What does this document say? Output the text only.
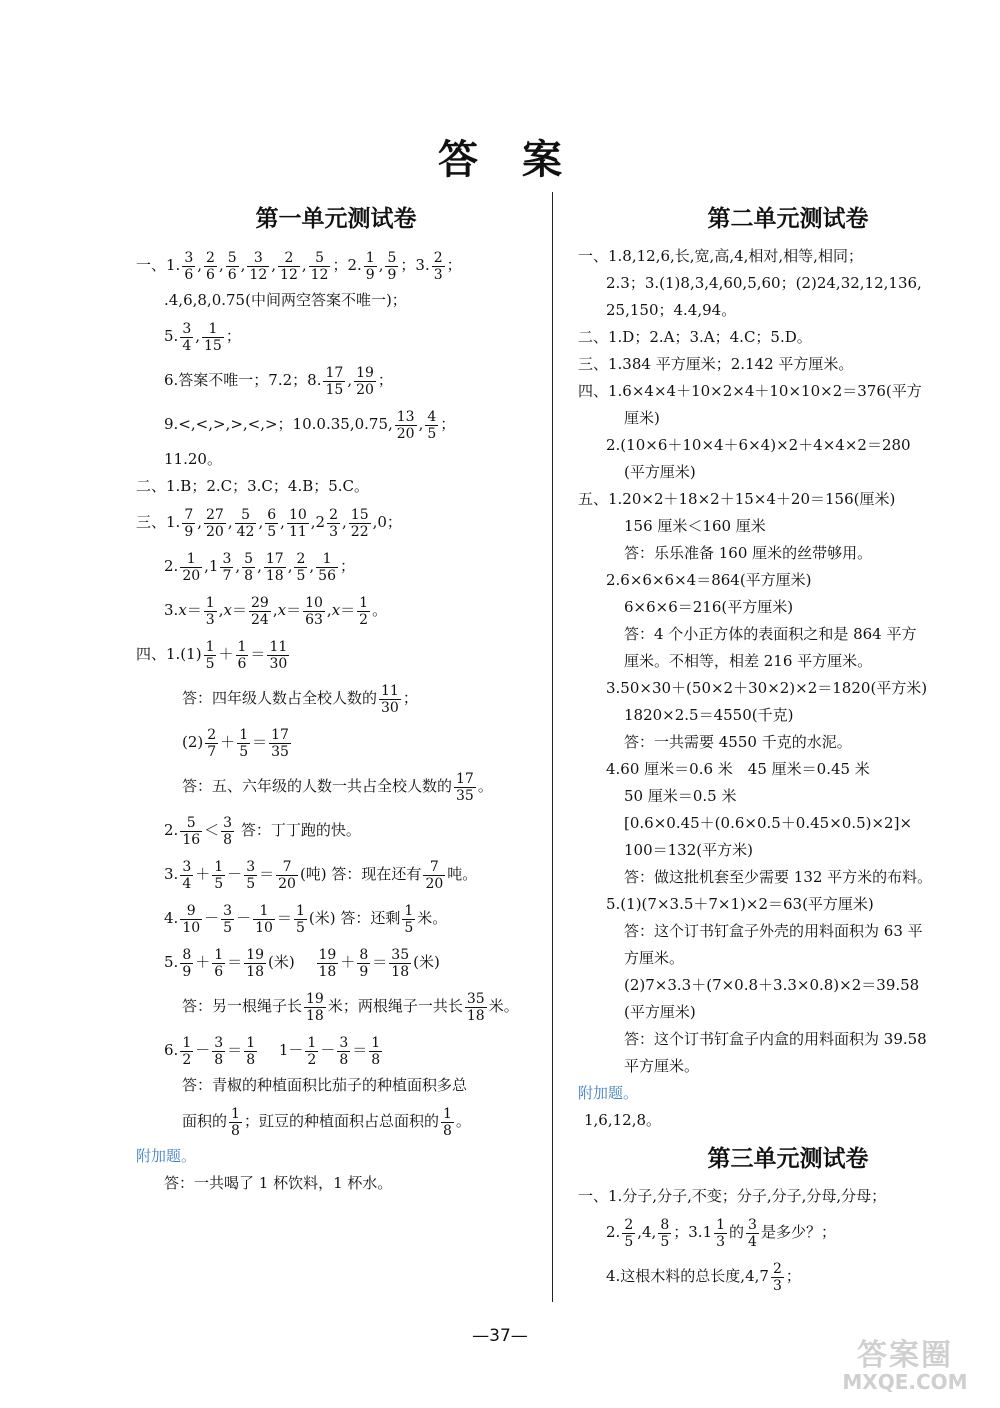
答案
第一单元测试卷
一、1. $\frac{3}{6}$ , $\frac{2}{6}$ , $\frac{5}{6}$ , $\frac{3}{12}$ , $\frac{2}{12}$ , $\frac{5}{12}$ ；2. $\frac{1}{9}$ , $\frac{5}{9}$ ；3. $\frac{2}{3}$ ；
.4,6,8,0.75(中间两空答案不唯一)；
5. $\frac{3}{4}$ , $\frac{1}{15}$ ；
6.答案不唯一；7.2；8. $\frac{17}{15}$ , $\frac{19}{20}$ ；
9.<,<,>,>,<,>；10.0.35,0.75, $\frac{13}{20}$ , $\frac{4}{5}$ ；
11.20。
二、1.B；2.C；3.C；4.B；5.C。
三、1. $\frac{7}{9}$ , $\frac{27}{20}$ , $\frac{5}{42}$ , $\frac{6}{5}$ , $\frac{10}{11} ,2 \frac{2}{3}$ , $\frac{15}{22} ,0$；
2. $\frac{1}{20} ,1 \frac{3}{7}$ , $\frac{5}{8}$ , $\frac{17}{18}$ , $\frac{2}{5}$ , $\frac{1}{56}$ ；
$3.x= \frac{1}{3} ,x= \frac{29}{24} ,x= \frac{10}{63} ,x= \frac{1}{2}$ 。
四、$1.(1) \frac{1}{5} + \frac{1}{6} = \frac{11}{30}$
答：四年级人数占全校人数的 $\frac{11}{30}$ ；
$(2) \frac{2}{7} + \frac{1}{5} = \frac{17}{35}$
答：五、六年级的人数一共占全校人数的 $\frac{17}{35}$ 。
2. $\frac{5}{16} < \frac{3}{8}$ 答：丁丁跑的快。
3. $\frac{3}{4} + \frac{1}{5} - \frac{3}{5} = \frac{7}{20}$ (吨) 答：现在还有 $\frac{7}{20}$ 吨。
4. $\frac{9}{10} - \frac{3}{5} - \frac{1}{10} = \frac{1}{5}$ (米) 答：还剩 $\frac{1}{5}$ 米。
5. $\frac{8}{9} + \frac{1}{6} = \frac{19}{18}$ (米)　 $\frac{19}{18} + \frac{8}{9} = \frac{35}{18}$ (米)
答：另一根绳子长 $\frac{19}{18}$ 米；两根绳子一共长 $\frac{35}{18}$ 米。
6. $\frac{1}{2} - \frac{3}{8} = \frac{1}{8}$ 　 $1- \frac{1}{2} - \frac{3}{8} = \frac{1}{8}$
答：青椒的种植面积比茄子的种植面积多总
面积的 $\frac{1}{8}$ ；豇豆的种植面积占总面积的 $\frac{1}{8}$ 。
附加题。
答：一共喝了 1 杯饮料，1 杯水。
第二单元测试卷
一、1.8,12,6,长,宽,高,4,相对,相等,相同；
2.3；3.(1)8,3,4,60,5,60；(2)24,32,12,136,
25,150；4.4,94。
二、1.D；2.A；3.A；4.C；5.D。
三、1.384 平方厘米；2.142 平方厘米。
四、1.6×4×4＋10×2×4＋10×10×2＝376(平方
厘米)
2.(10×6＋10×4＋6×4)×2＋4×4×2＝280
(平方厘米)
五、1.20×2＋18×2＋15×4＋20＝156(厘米)
156 厘米＜160 厘米
答：乐乐准备 160 厘米的丝带够用。
2.6×6×6×4＝864(平方厘米)
6×6×6＝216(平方厘米)
答：4 个小正方体的表面积之和是 864 平方
厘米。不相等，相差 216 平方厘米。
3.50×30＋(50×2＋30×2)×2＝1820(平方米)
1820×2.5＝4550(千克)
答：一共需要 4550 千克的水泥。
4.60 厘米＝0.6 米　45 厘米＝0.45 米
50 厘米＝0.5 米
[0.6×0.45＋(0.6×0.5＋0.45×0.5)×2]×
100＝132(平方米)
答：做这批机套至少需要 132 平方米的布料。
5.(1)(7×3.5＋7×1)×2＝63(平方厘米)
答：这个订书钉盒子外壳的用料面积为 63 平
方厘米。
(2)7×3.3＋(7×0.8＋3.3×0.8)×2＝39.58
(平方厘米)
答：这个订书钉盒子内盒的用料面积为 39.58
平方厘米。
附加题。
1,6,12,8。
第三单元测试卷
一、1.分子,分子,不变；分子,分子,分母,分母；
2. $\frac{2}{5} ,4$, $\frac{8}{5}$ ；$3.1 \frac{1}{3}$ 的 $\frac{3}{4}$ 是多少？；
4.这根木料的总长度$,4,7 \frac{2}{3}$ ；
—37—
答案圈
MXQE.COM
